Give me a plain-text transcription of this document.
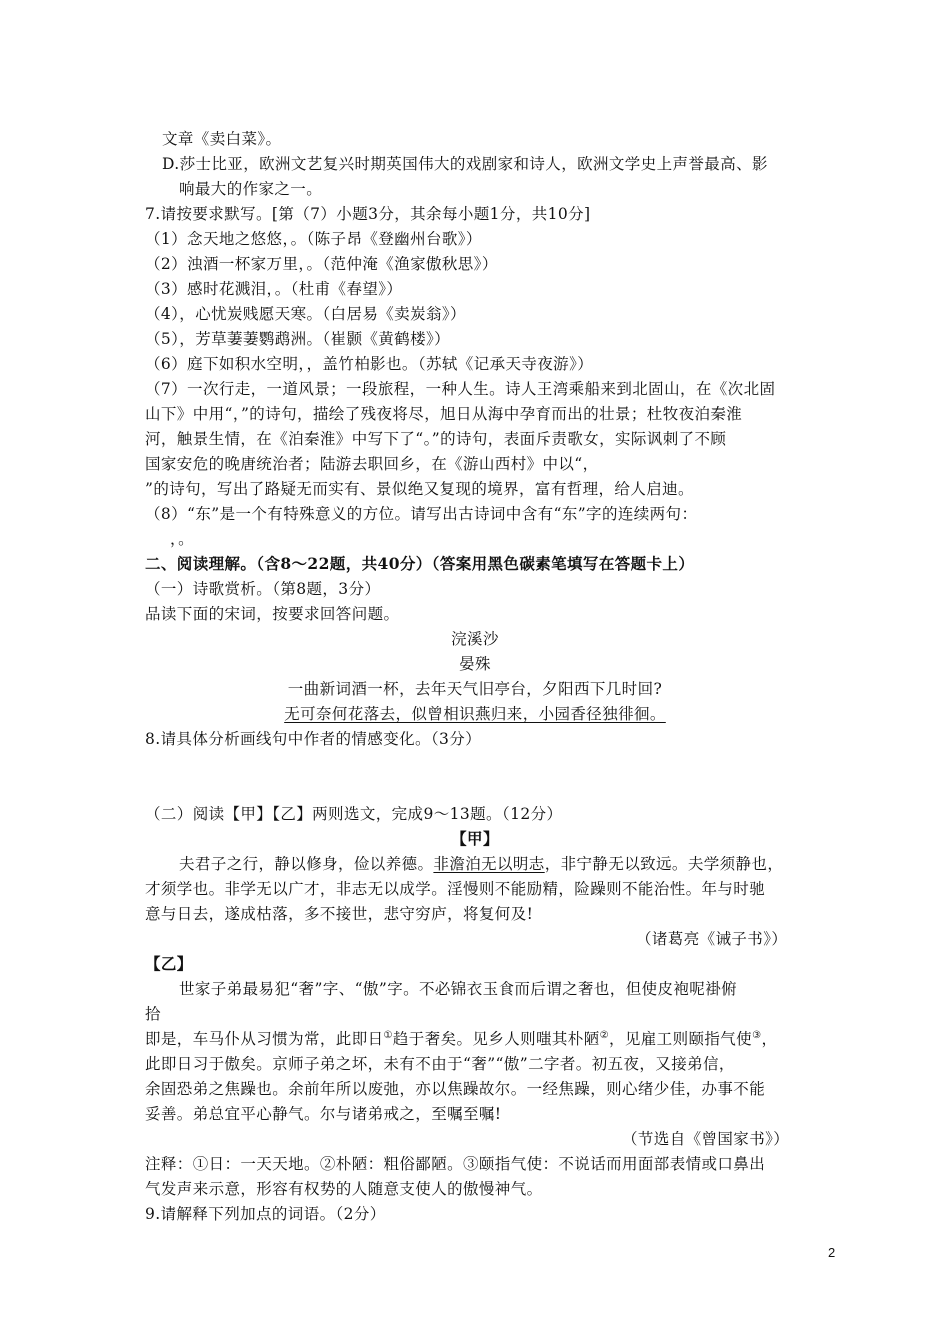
文章《卖白菜》。
D.莎士比亚，欧洲文艺复兴时期英国伟大的戏剧家和诗人，欧洲文学史上声誉最高、影
响最大的作家之一。
7.请按要求默写。[第（7）小题3分，其余每小题1分，共10分]
（1）念天地之悠悠，。（陈子昂《登幽州台歌》）
（2）浊酒一杯家万里，。（范仲淹《渔家傲秋思》）
（3）感时花溅泪，。（杜甫《春望》）
（4），心忧炭贱愿天寒。（白居易《卖炭翁》）
（5），芳草萋萋鹦鹉洲。（崔颢《黄鹤楼》）
（6）庭下如积水空明，，盖竹柏影也。（苏轼《记承天寺夜游》）
（7）一次行走，一道风景；一段旅程，一种人生。诗人王湾乘船来到北固山，在《次北固
山下》中用“，”的诗句，描绘了残夜将尽，旭日从海中孕育而出的壮景；杜牧夜泊秦淮
河，触景生情，在《泊秦淮》中写下了“。”的诗句，表面斥责歌女，实际讽刺了不顾
国家安危的晚唐统治者；陆游去职回乡，在《游山西村》中以“，
”的诗句，写出了路疑无而实有、景似绝又复现的境界，富有哲理，给人启迪。
（8）“东”是一个有特殊意义的方位。请写出古诗词中含有“东”字的连续两句：
，。
二、阅读理解。（含8～22题，共40分）（答案用黑色碳素笔填写在答题卡上）
（一）诗歌赏析。（第8题，3分）
品读下面的宋词，按要求回答问题。
浣溪沙
晏殊
一曲新词酒一杯，去年天气旧亭台，夕阳西下几时回?
无可奈何花落去，似曾相识燕归来，小园香径独徘徊。
8.请具体分析画线句中作者的情感变化。（3分）
（二）阅读【甲】【乙】两则选文，完成9～13题。（12分）
【甲】
夫君子之行，静以修身，俭以养德。非澹泊无以明志，非宁静无以致远。夫学须静也，
才须学也。非学无以广才，非志无以成学。淫慢则不能励精，险躁则不能治性。年与时驰
意与日去，遂成枯落，多不接世，悲守穷庐，将复何及!
（诸葛亮《诫子书》）
【乙】
世家子弟最易犯“奢”字、“傲”字。不必锦衣玉食而后谓之奢也，但使皮袍呢褂俯
拾
即是，车马仆从习惯为常，此即日①趋于奢矣。见乡人则嗤其朴陋②，见雇工则颐指气使③，
此即日习于傲矣。京师子弟之坏，未有不由于“奢”“傲”二字者。初五夜，又接弟信，
余固恐弟之焦躁也。余前年所以废弛，亦以焦躁故尔。一经焦躁，则心绪少佳，办事不能
妥善。弟总宜平心静气。尔与诸弟戒之，至嘱至嘱!
（节选自《曾国家书》）
注释：①日：一天天地。②朴陋：粗俗鄙陋。③颐指气使：不说话而用面部表情或口鼻出
气发声来示意，形容有权势的人随意支使人的傲慢神气。
9.请解释下列加点的词语。（2分）
2
